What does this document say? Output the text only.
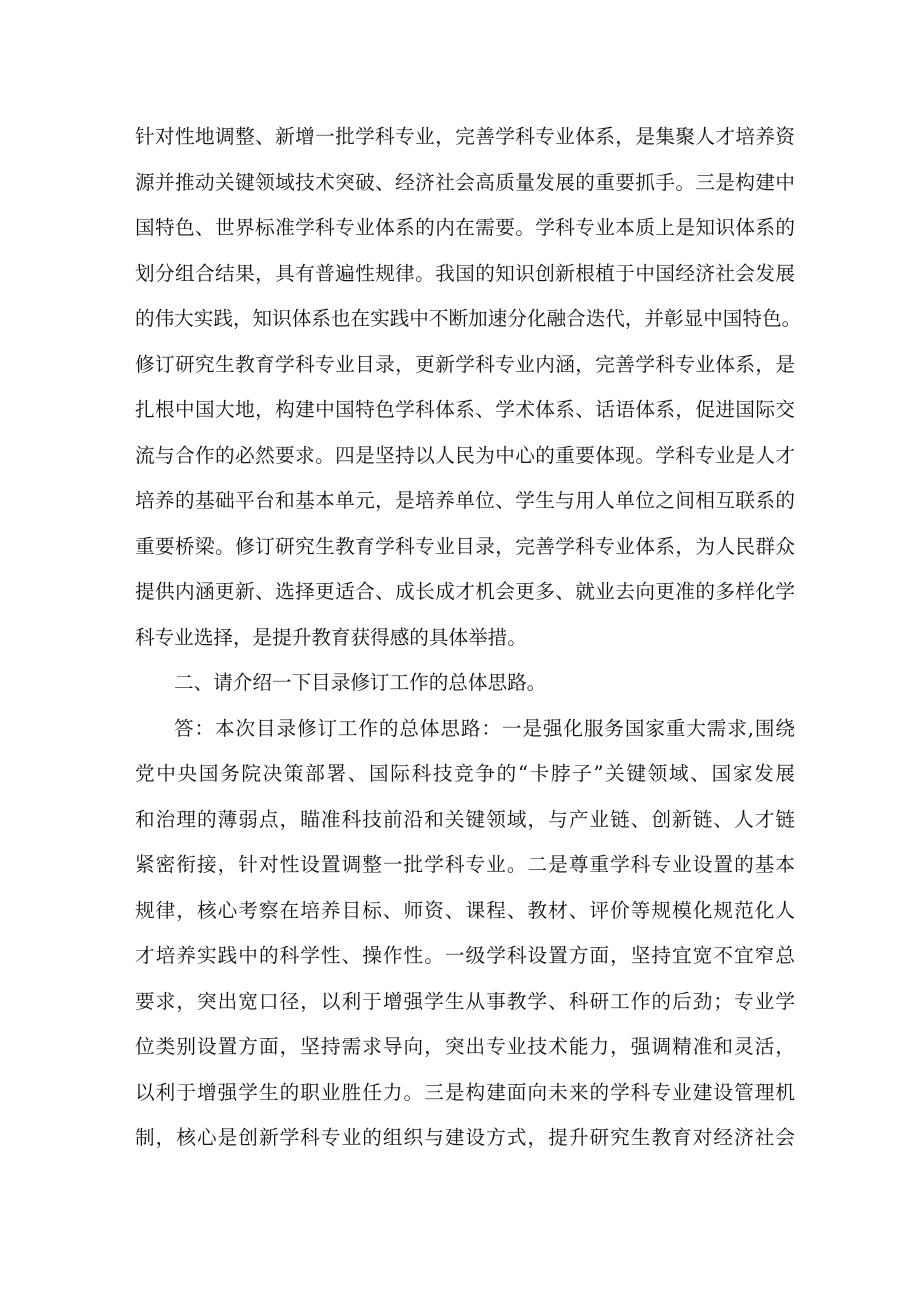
针对性地调整、新增一批学科专业，完善学科专业体系，是集聚人才培养资
源并推动关键领域技术突破、经济社会高质量发展的重要抓手。三是构建中
国特色、世界标准学科专业体系的内在需要。学科专业本质上是知识体系的
划分组合结果，具有普遍性规律。我国的知识创新根植于中国经济社会发展
的伟大实践，知识体系也在实践中不断加速分化融合迭代，并彰显中国特色。
修订研究生教育学科专业目录，更新学科专业内涵，完善学科专业体系，是
扎根中国大地，构建中国特色学科体系、学术体系、话语体系，促进国际交
流与合作的必然要求。四是坚持以人民为中心的重要体现。学科专业是人才
培养的基础平台和基本单元，是培养单位、学生与用人单位之间相互联系的
重要桥梁。修订研究生教育学科专业目录，完善学科专业体系，为人民群众
提供内涵更新、选择更适合、成长成才机会更多、就业去向更准的多样化学
科专业选择，是提升教育获得感的具体举措。
二、请介绍一下目录修订工作的总体思路。
答：本次目录修订工作的总体思路：一是强化服务国家重大需求,围绕
党中央国务院决策部署、国际科技竞争的“卡脖子”关键领域、国家发展
和治理的薄弱点，瞄准科技前沿和关键领域，与产业链、创新链、人才链
紧密衔接，针对性设置调整一批学科专业。二是尊重学科专业设置的基本
规律，核心考察在培养目标、师资、课程、教材、评价等规模化规范化人
才培养实践中的科学性、操作性。一级学科设置方面，坚持宜宽不宜窄总
要求，突出宽口径，以利于增强学生从事教学、科研工作的后劲；专业学
位类别设置方面，坚持需求导向，突出专业技术能力，强调精准和灵活，
以利于增强学生的职业胜任力。三是构建面向未来的学科专业建设管理机
制，核心是创新学科专业的组织与建设方式，提升研究生教育对经济社会
